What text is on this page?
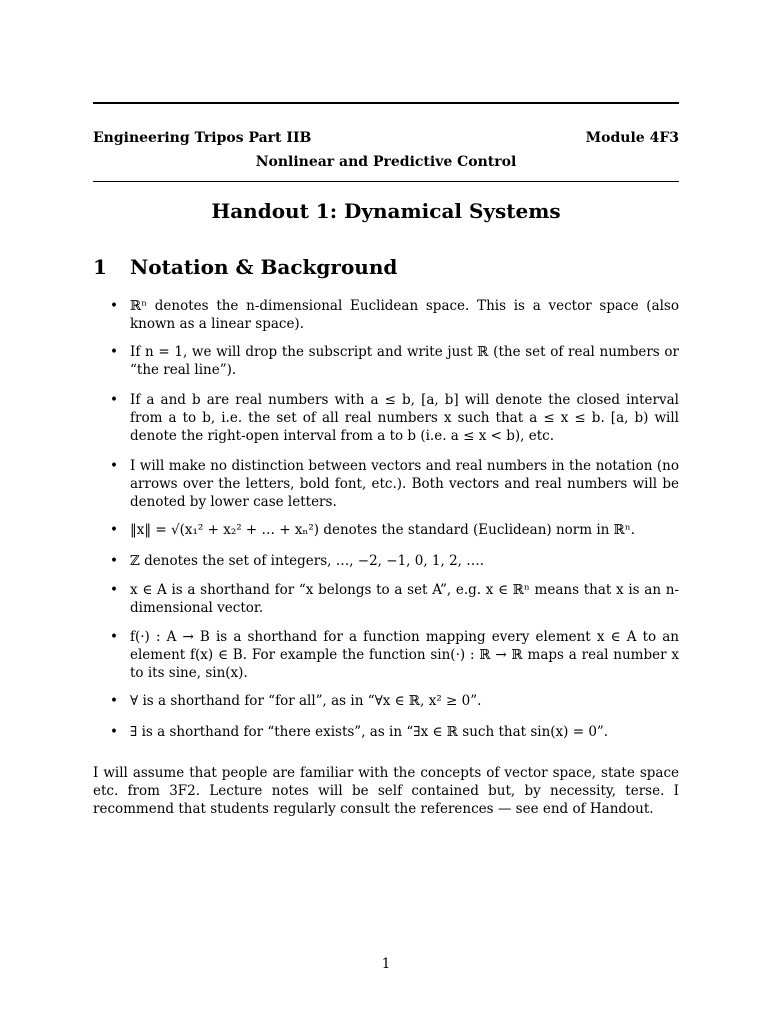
Engineering Tripos Part IIB	Module 4F3
Nonlinear and Predictive Control
Handout 1: Dynamical Systems
1 Notation & Background
• ℝⁿ denotes the n-dimensional Euclidean space. This is a vector space (also known as a linear space).
• If n = 1, we will drop the subscript and write just ℝ (the set of real numbers or “the real line”).
• If a and b are real numbers with a ≤ b, [a, b] will denote the closed interval from a to b, i.e. the set of all real numbers x such that a ≤ x ≤ b. [a, b) will denote the right-open interval from a to b (i.e. a ≤ x < b), etc.
• I will make no distinction between vectors and real numbers in the notation (no arrows over the letters, bold font, etc.). Both vectors and real numbers will be denoted by lower case letters.
• ‖x‖ = √(x₁² + x₂² + … + xₙ²) denotes the standard (Euclidean) norm in ℝⁿ.
• ℤ denotes the set of integers, …, −2, −1, 0, 1, 2, ….
• x ∈ A is a shorthand for “x belongs to a set A”, e.g. x ∈ ℝⁿ means that x is an n-dimensional vector.
• f(·) : A → B is a shorthand for a function mapping every element x ∈ A to an element f(x) ∈ B. For example the function sin(·) : ℝ → ℝ maps a real number x to its sine, sin(x).
• ∀ is a shorthand for “for all”, as in “∀x ∈ ℝ, x² ≥ 0”.
• ∃ is a shorthand for “there exists”, as in “∃x ∈ ℝ such that sin(x) = 0”.
I will assume that people are familiar with the concepts of vector space, state space etc. from 3F2. Lecture notes will be self contained but, by necessity, terse. I recommend that students regularly consult the references — see end of Handout.
1
